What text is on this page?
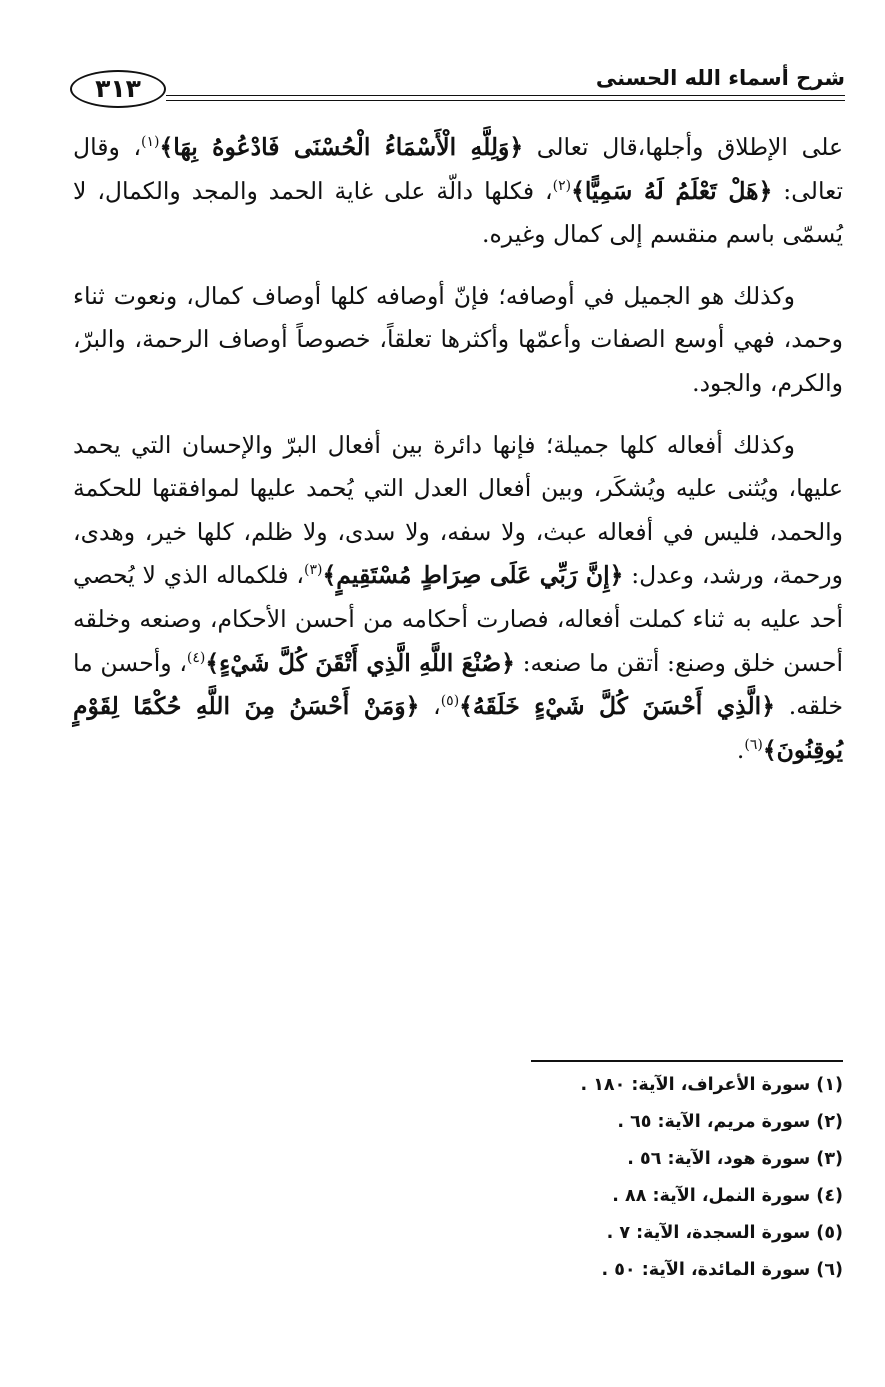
شرح أسماء الله الحسنى
٣١٣

على الإطلاق وأجلها،قال تعالى ﴿وَلِلَّهِ الْأَسْمَاءُ الْحُسْنَى فَادْعُوهُ بِهَا﴾$^{(١)}$، وقال تعالى: ﴿هَلْ تَعْلَمُ لَهُ سَمِيًّا﴾$^{(٢)}$، فكلها دالّة على غاية الحمد والمجد والكمال، لا يُسمّى باسم منقسم إلى كمال وغيره.

وكذلك هو الجميل في أوصافه؛ فإنّ أوصافه كلها أوصاف كمال، ونعوت ثناء وحمد، فهي أوسع الصفات وأعمّها وأكثرها تعلقاً، خصوصاً أوصاف الرحمة، والبرّ، والكرم، والجود.

وكذلك أفعاله كلها جميلة؛ فإنها دائرة بين أفعال البرّ والإحسان التي يحمد عليها، ويُثنى عليه ويُشكَر، وبين أفعال العدل التي يُحمد عليها لموافقتها للحكمة والحمد، فليس في أفعاله عبث، ولا سفه، ولا سدى، ولا ظلم، كلها خير، وهدى، ورحمة، ورشد، وعدل: ﴿إِنَّ رَبِّي عَلَى صِرَاطٍ مُسْتَقِيمٍ﴾$^{(٣)}$، فلكماله الذي لا يُحصي أحد عليه به ثناء كملت أفعاله، فصارت أحكامه من أحسن الأحكام، وصنعه وخلقه أحسن خلق وصنع: أتقن ما صنعه: ﴿صُنْعَ اللَّهِ الَّذِي أَتْقَنَ كُلَّ شَيْءٍ﴾$^{(٤)}$، وأحسن ما خلقه. ﴿الَّذِي أَحْسَنَ كُلَّ شَيْءٍ خَلَقَهُ﴾$^{(٥)}$، ﴿وَمَنْ أَحْسَنُ مِنَ اللَّهِ حُكْمًا لِقَوْمٍ يُوقِنُونَ﴾$^{(٦)}$.

(١) سورة الأعراف، الآية: ١٨٠ .
(٢) سورة مريم، الآية: ٦٥ .
(٣) سورة هود، الآية: ٥٦ .
(٤) سورة النمل، الآية: ٨٨ .
(٥) سورة السجدة، الآية: ٧ .
(٦) سورة المائدة، الآية: ٥٠ .
